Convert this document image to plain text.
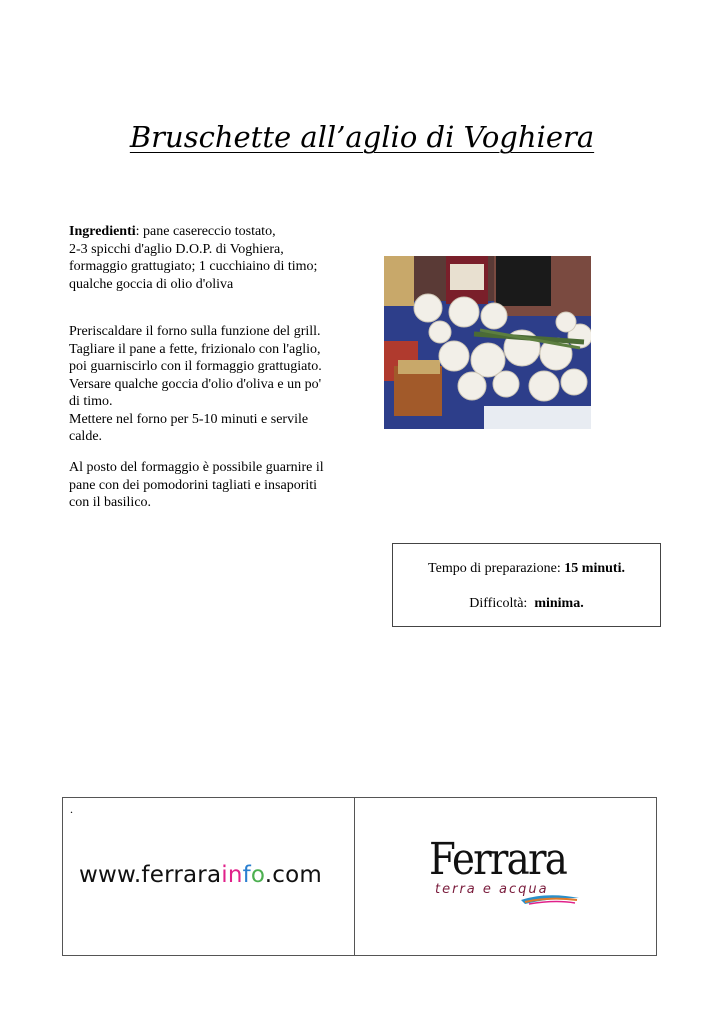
Bruschette all’aglio di Voghiera

Ingredienti: pane casereccio tostato,

2-3 spicchi d'aglio D.O.P. di Voghiera,

formaggio grattugiato; 1 cucchiaino di timo;

qualche goccia di olio d'oliva

Preriscaldare il forno sulla funzione del grill.

Tagliare il pane a fette, frizionalo con l'aglio,

poi guarniscirlo con il formaggio grattugiato.

Versare qualche goccia d'olio d'oliva e un po'

di timo.

Mettere nel forno per 5-10 minuti e servile

calde.

Al posto del formaggio è possibile guarnire il

pane con dei pomodorini tagliati e insaporiti

con il basilico.

Tempo di preparazione: 15 minuti.
Difficoltà: minima.
.
www.ferrarainfo.com Ferrara
terra e acqua
